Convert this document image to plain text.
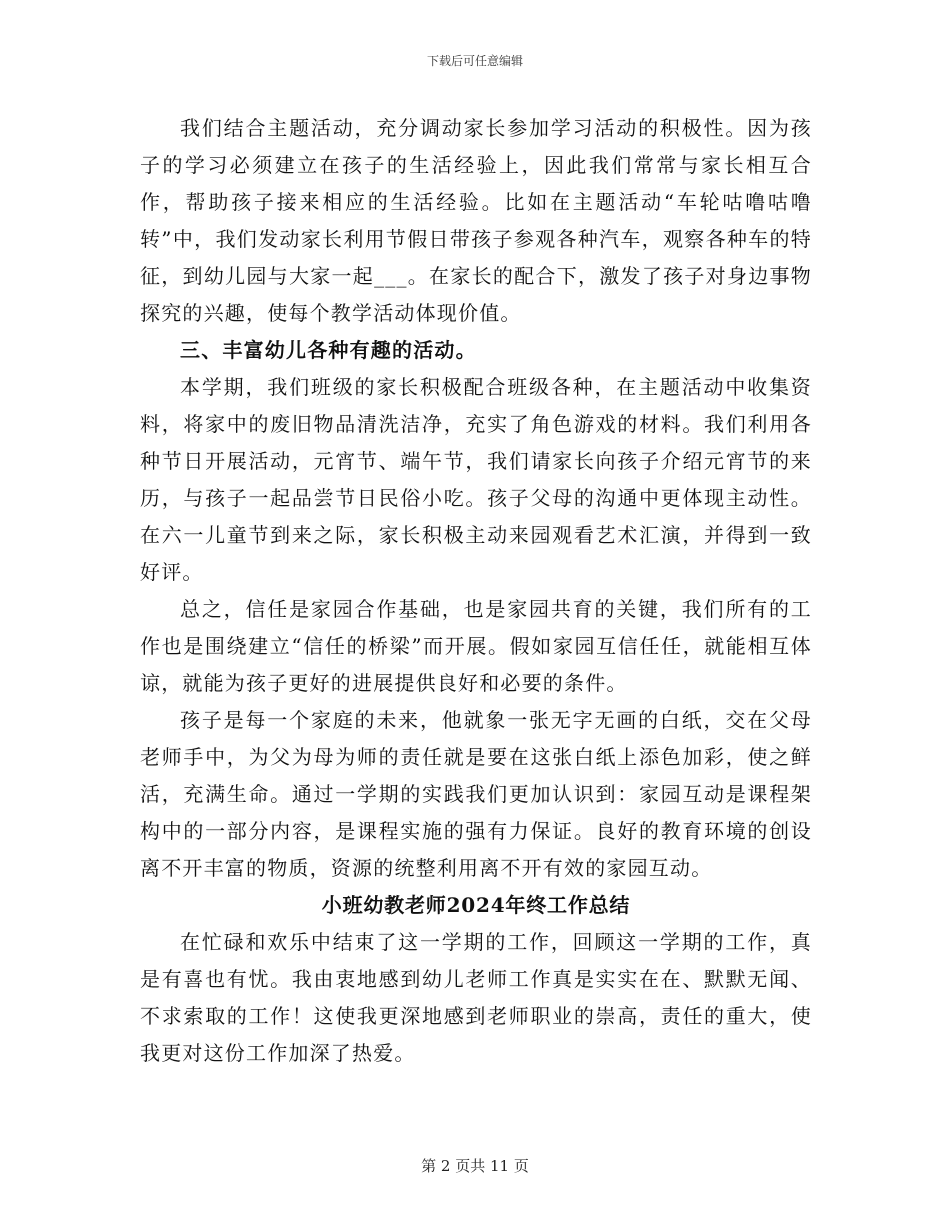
下载后可任意编辑

我们结合主题活动，充分调动家长参加学习活动的积极性。因为孩子的学习必须建立在孩子的生活经验上，因此我们常常与家长相互合作，帮助孩子接来相应的生活经验。比如在主题活动“车轮咕噜咕噜转”中，我们发动家长利用节假日带孩子参观各种汽车，观察各种车的特征，到幼儿园与大家一起___。在家长的配合下，激发了孩子对身边事物探究的兴趣，使每个教学活动体现价值。

三、丰富幼儿各种有趣的活动。

本学期，我们班级的家长积极配合班级各种，在主题活动中收集资料，将家中的废旧物品清洗洁净，充实了角色游戏的材料。我们利用各种节日开展活动，元宵节、端午节，我们请家长向孩子介绍元宵节的来历，与孩子一起品尝节日民俗小吃。孩子父母的沟通中更体现主动性。在六一儿童节到来之际，家长积极主动来园观看艺术汇演，并得到一致好评。

总之，信任是家园合作基础，也是家园共育的关键，我们所有的工作也是围绕建立“信任的桥梁”而开展。假如家园互信任任，就能相互体谅，就能为孩子更好的进展提供良好和必要的条件。

孩子是每一个家庭的未来，他就象一张无字无画的白纸，交在父母老师手中，为父为母为师的责任就是要在这张白纸上添色加彩，使之鲜活，充满生命。通过一学期的实践我们更加认识到：家园互动是课程架构中的一部分内容，是课程实施的强有力保证。良好的教育环境的创设离不开丰富的物质，资源的统整利用离不开有效的家园互动。

小班幼教老师2024年终工作总结

在忙碌和欢乐中结束了这一学期的工作，回顾这一学期的工作，真是有喜也有忧。我由衷地感到幼儿老师工作真是实实在在、默默无闻、不求索取的工作！这使我更深地感到老师职业的崇高，责任的重大，使我更对这份工作加深了热爱。

第 2 页共 11 页
